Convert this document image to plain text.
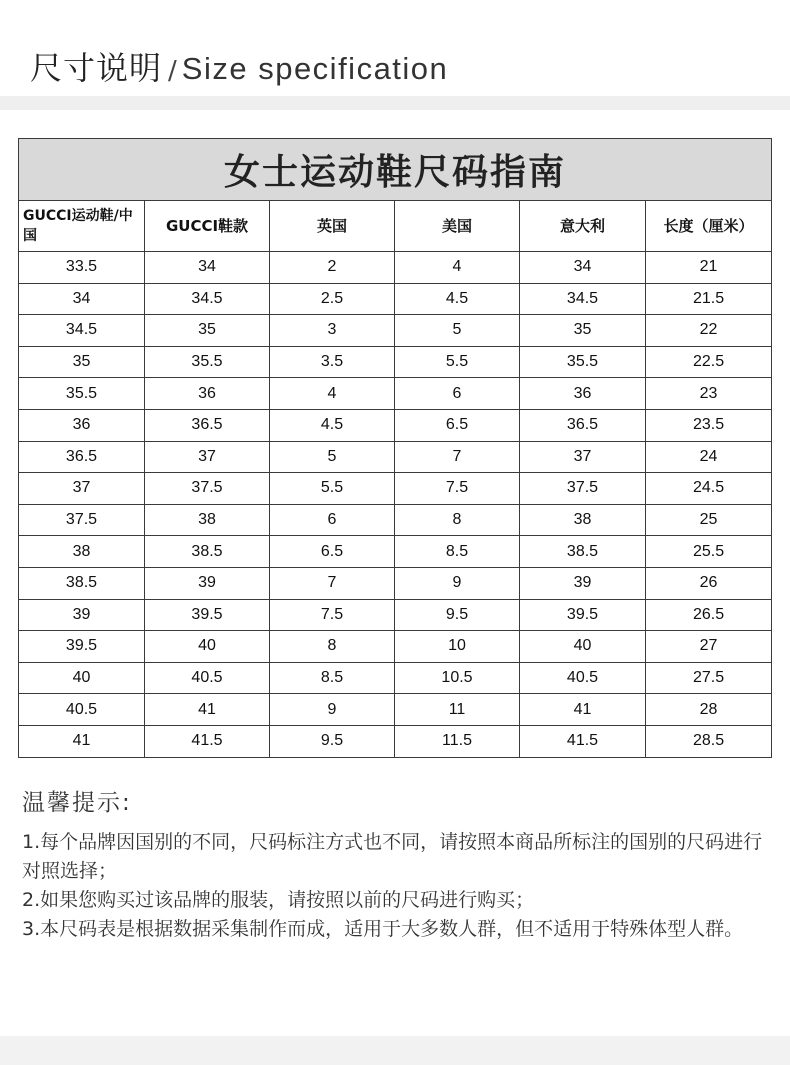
尺寸说明 / Size specification
女士运动鞋尺码指南					
GUCCI运动鞋/中国	GUCCI鞋款	英国	美国	意大利	长度（厘米）
33.5	34	2	4	34	21
34	34.5	2.5	4.5	34.5	21.5
34.5	35	3	5	35	22
35	35.5	3.5	5.5	35.5	22.5
35.5	36	4	6	36	23
36	36.5	4.5	6.5	36.5	23.5
36.5	37	5	7	37	24
37	37.5	5.5	7.5	37.5	24.5
37.5	38	6	8	38	25
38	38.5	6.5	8.5	38.5	25.5
38.5	39	7	9	39	26
39	39.5	7.5	9.5	39.5	26.5
39.5	40	8	10	40	27
40	40.5	8.5	10.5	40.5	27.5
40.5	41	9	11	41	28
41	41.5	9.5	11.5	41.5	28.5
温馨提示:
1.每个品牌因国别的不同，尺码标注方式也不同，请按照本商品所标注的国别的尺码进行对照选择；
2.如果您购买过该品牌的服装，请按照以前的尺码进行购买；
3.本尺码表是根据数据采集制作而成，适用于大多数人群，但不适用于特殊体型人群。
